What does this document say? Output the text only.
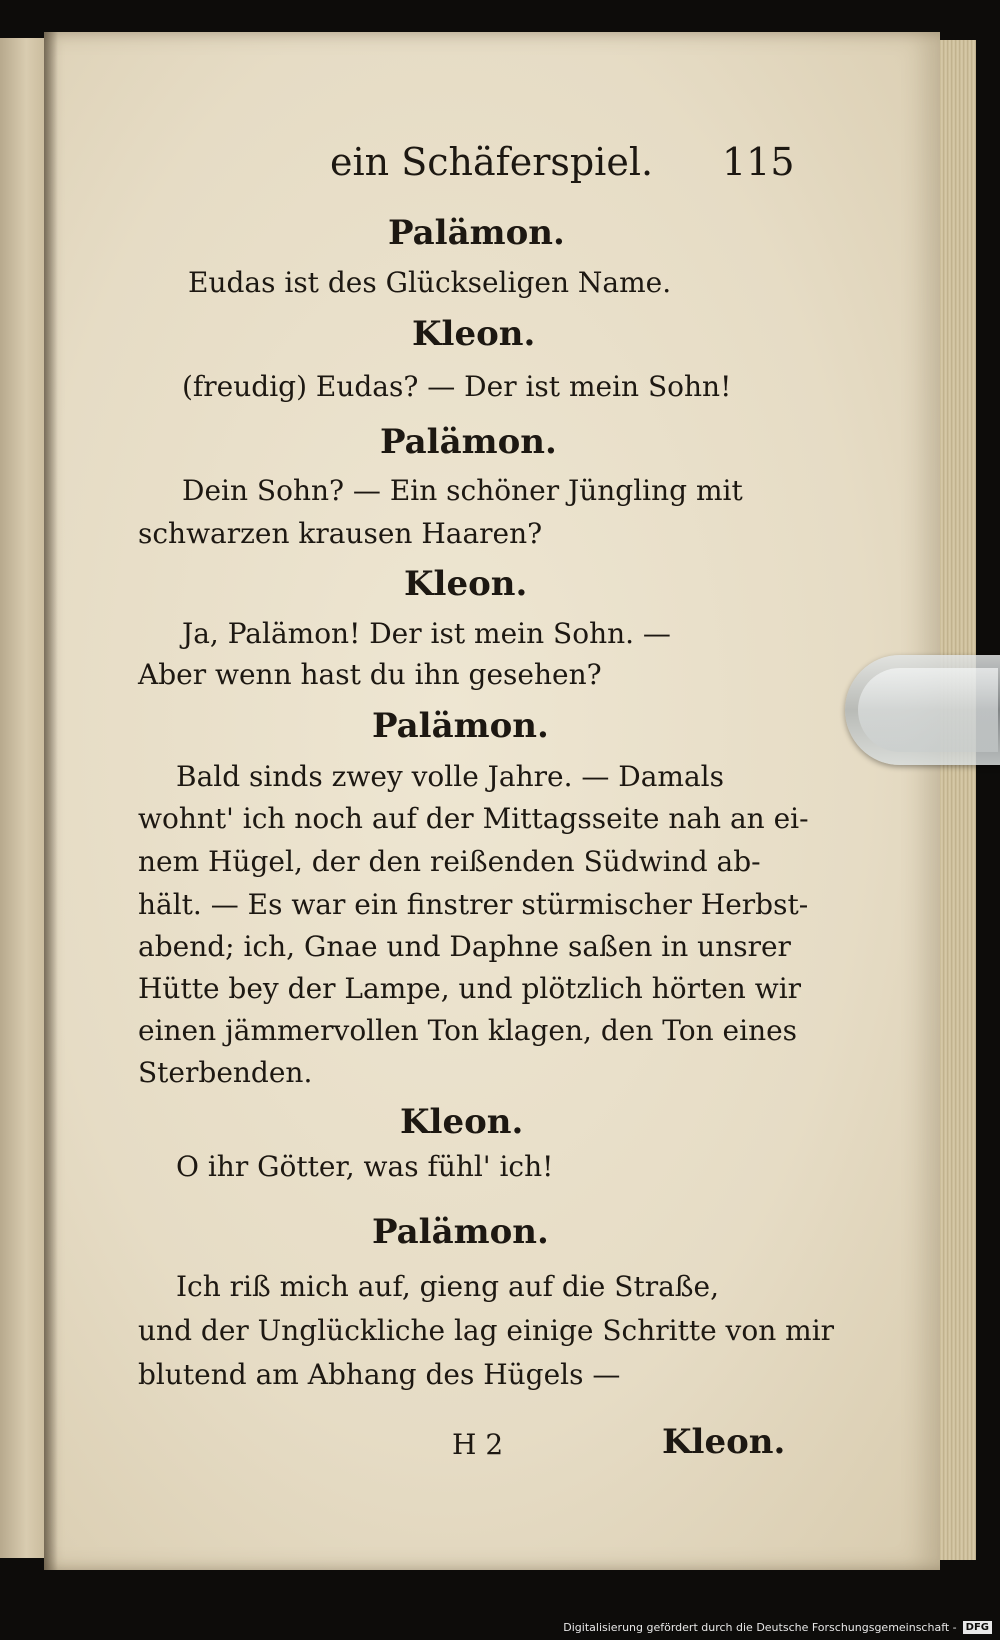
ein Schäferspiel. 115
Palämon.
Eudas ist des Glückseligen Name.
Kleon.
(freudig) Eudas? — Der ist mein Sohn!
Palämon.
Dein Sohn? — Ein schöner Jüngling mit
schwarzen krausen Haaren?
Kleon.
Ja, Palämon! Der ist mein Sohn. —
Aber wenn hast du ihn gesehen?
Palämon.
Bald sinds zwey volle Jahre. — Damals
wohnt' ich noch auf der Mittagsseite nah an ei-
nem Hügel, der den reißenden Südwind ab-
hält. — Es war ein finstrer stürmischer Herbst-
abend; ich, Gnae und Daphne saßen in unsrer
Hütte bey der Lampe, und plötzlich hörten wir
einen jämmervollen Ton klagen, den Ton eines
Sterbenden.
Kleon.
O ihr Götter, was fühl' ich!
Palämon.
Ich riß mich auf, gieng auf die Straße,
und der Unglückliche lag einige Schritte von mir
blutend am Abhang des Hügels —
H 2	Kleon.
Digitalisierung gefördert durch die Deutsche Forschungsgemeinschaft - DFG
